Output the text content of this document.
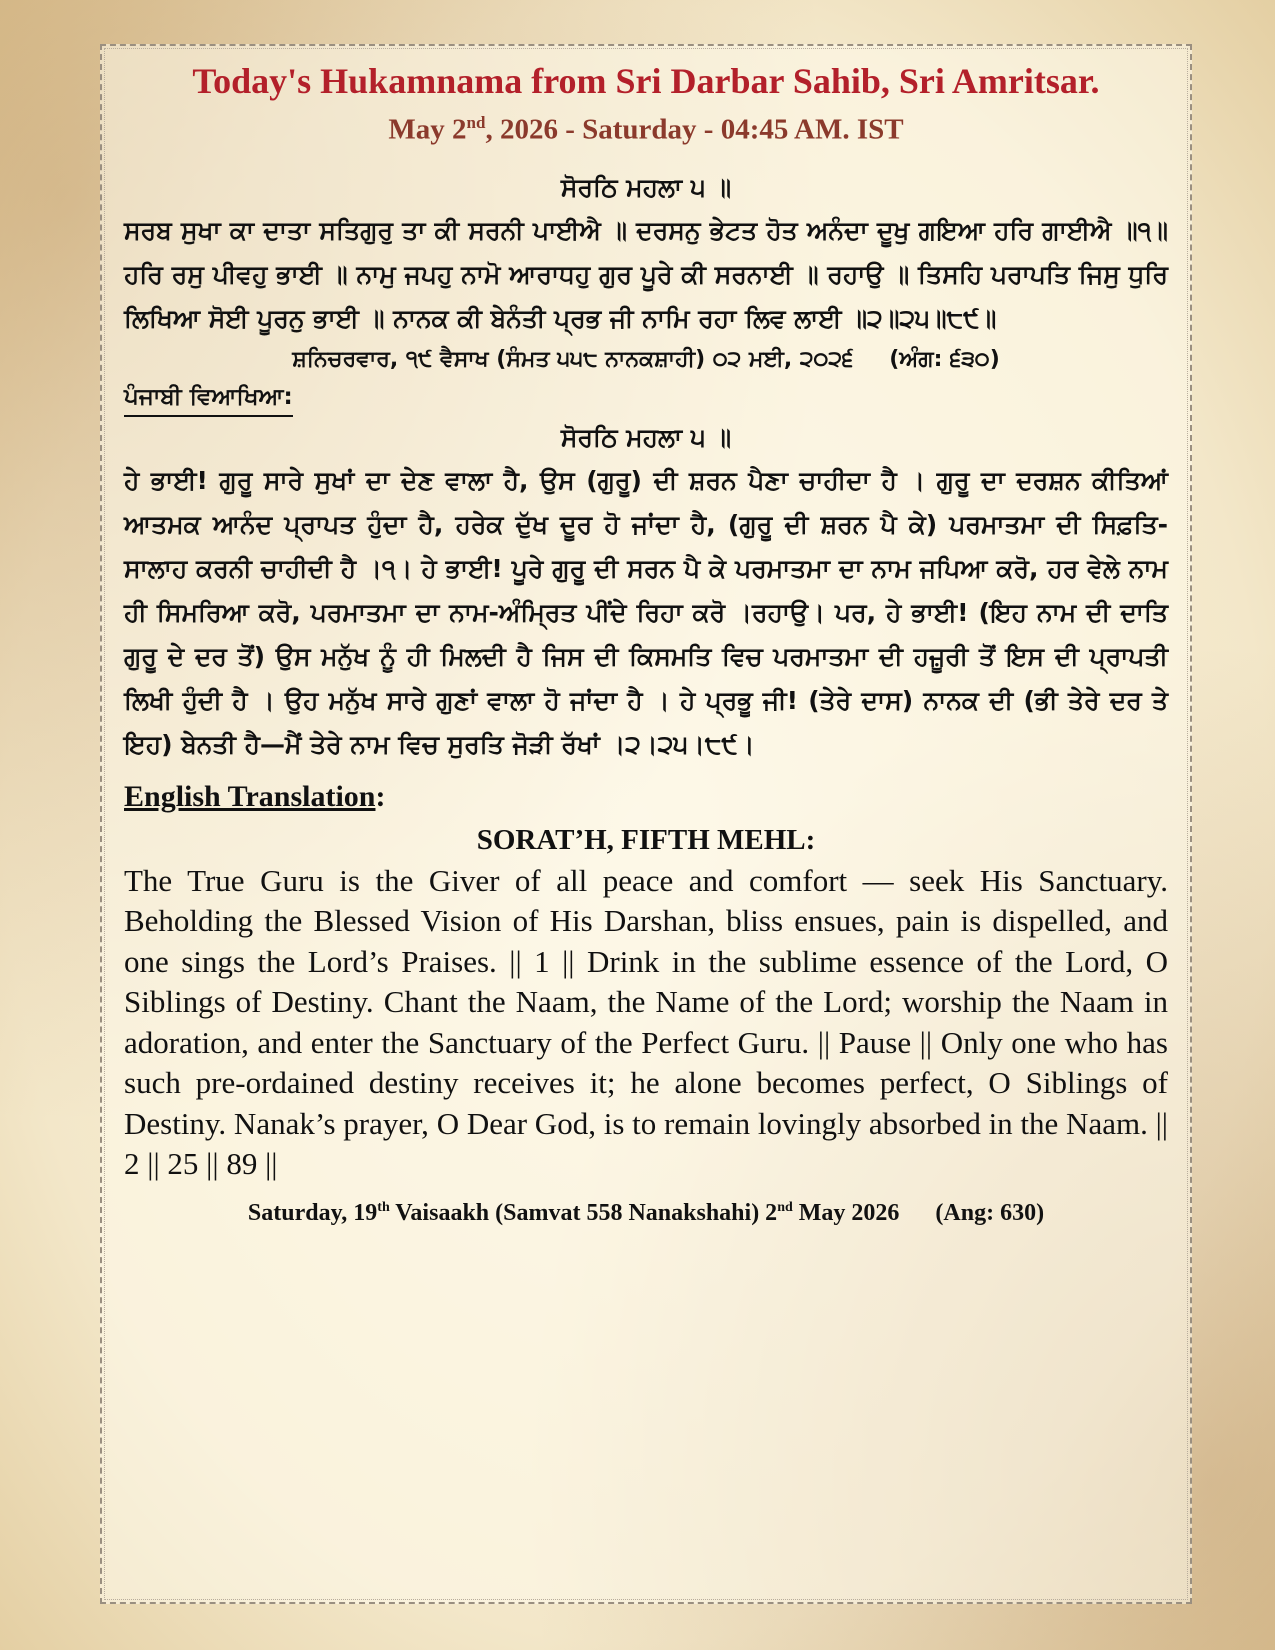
Today's Hukamnama from Sri Darbar Sahib, Sri Amritsar.

May 2nd, 2026 - Saturday - 04:45 AM. IST

ਸੋਰਠਿ ਮਹਲਾ ੫ ॥

ਸਰਬ ਸੁਖਾ ਕਾ ਦਾਤਾ ਸਤਿਗੁਰੁ ਤਾ ਕੀ ਸਰਨੀ ਪਾਈਐ ॥ ਦਰਸਨੁ ਭੇਟਤ ਹੋਤ ਅਨੰਦਾ ਦੂਖੁ ਗਇਆ ਹਰਿ ਗਾਈਐ ॥੧॥ ਹਰਿ ਰਸੁ ਪੀਵਹੁ ਭਾਈ ॥ ਨਾਮੁ ਜਪਹੁ ਨਾਮੋ ਆਰਾਧਹੁ ਗੁਰ ਪੂਰੇ ਕੀ ਸਰਨਾਈ ॥ ਰਹਾਉ ॥ ਤਿਸਹਿ ਪਰਾਪਤਿ ਜਿਸੁ ਧੁਰਿ ਲਿਖਿਆ ਸੋਈ ਪੂਰਨੁ ਭਾਈ ॥ ਨਾਨਕ ਕੀ ਬੇਨੰਤੀ ਪ੍ਰਭ ਜੀ ਨਾਮਿ ਰਹਾ ਲਿਵ ਲਾਈ ॥੨॥੨੫॥੮੯॥

ਸ਼ਨਿਚਰਵਾਰ, ੧੯ ਵੈਸਾਖ (ਸੰਮਤ ੫੫੮ ਨਾਨਕਸ਼ਾਹੀ) ੦੨ ਮਈ, ੨੦੨੬ (ਅੰਗ: ੬੩੦)

ਪੰਜਾਬੀ ਵਿਆਖਿਆ:

ਸੋਰਠਿ ਮਹਲਾ ੫ ॥

ਹੇ ਭਾਈ! ਗੁਰੂ ਸਾਰੇ ਸੁਖਾਂ ਦਾ ਦੇਣ ਵਾਲਾ ਹੈ, ਉਸ (ਗੁਰੂ) ਦੀ ਸ਼ਰਨ ਪੈਣਾ ਚਾਹੀਦਾ ਹੈ । ਗੁਰੂ ਦਾ ਦਰਸ਼ਨ ਕੀਤਿਆਂ ਆਤਮਕ ਆਨੰਦ ਪ੍ਰਾਪਤ ਹੁੰਦਾ ਹੈ, ਹਰੇਕ ਦੁੱਖ ਦੂਰ ਹੋ ਜਾਂਦਾ ਹੈ, (ਗੁਰੂ ਦੀ ਸ਼ਰਨ ਪੈ ਕੇ) ਪਰਮਾਤਮਾ ਦੀ ਸਿਫ਼ਤਿ-ਸਾਲਾਹ ਕਰਨੀ ਚਾਹੀਦੀ ਹੈ ।੧। ਹੇ ਭਾਈ! ਪੂਰੇ ਗੁਰੂ ਦੀ ਸਰਨ ਪੈ ਕੇ ਪਰਮਾਤਮਾ ਦਾ ਨਾਮ ਜਪਿਆ ਕਰੋ, ਹਰ ਵੇਲੇ ਨਾਮ ਹੀ ਸਿਮਰਿਆ ਕਰੋ, ਪਰਮਾਤਮਾ ਦਾ ਨਾਮ-ਅੰਮ੍ਰਿਤ ਪੀਂਦੇ ਰਿਹਾ ਕਰੋ ।ਰਹਾਉ। ਪਰ, ਹੇ ਭਾਈ! (ਇਹ ਨਾਮ ਦੀ ਦਾਤਿ ਗੁਰੂ ਦੇ ਦਰ ਤੋਂ) ਉਸ ਮਨੁੱਖ ਨੂੰ ਹੀ ਮਿਲਦੀ ਹੈ ਜਿਸ ਦੀ ਕਿਸਮਤਿ ਵਿਚ ਪਰਮਾਤਮਾ ਦੀ ਹਜ਼ੂਰੀ ਤੋਂ ਇਸ ਦੀ ਪ੍ਰਾਪਤੀ ਲਿਖੀ ਹੁੰਦੀ ਹੈ । ਉਹ ਮਨੁੱਖ ਸਾਰੇ ਗੁਣਾਂ ਵਾਲਾ ਹੋ ਜਾਂਦਾ ਹੈ । ਹੇ ਪ੍ਰਭੂ ਜੀ! (ਤੇਰੇ ਦਾਸ) ਨਾਨਕ ਦੀ (ਭੀ ਤੇਰੇ ਦਰ ਤੇ ਇਹ) ਬੇਨਤੀ ਹੈ—ਮੈਂ ਤੇਰੇ ਨਾਮ ਵਿਚ ਸੁਰਤਿ ਜੋੜੀ ਰੱਖਾਂ ।੨।੨੫।੮੯।

English Translation:

SORAT’H, FIFTH MEHL:

The True Guru is the Giver of all peace and comfort — seek His Sanctuary. Beholding the Blessed Vision of His Darshan, bliss ensues, pain is dispelled, and one sings the Lord’s Praises. || 1 || Drink in the sublime essence of the Lord, O Siblings of Destiny. Chant the Naam, the Name of the Lord; worship the Naam in adoration, and enter the Sanctuary of the Perfect Guru. || Pause || Only one who has such pre-ordained destiny receives it; he alone becomes perfect, O Siblings of Destiny. Nanak’s prayer, O Dear God, is to remain lovingly absorbed in the Naam. || 2 || 25 || 89 ||

Saturday, 19th Vaisaakh (Samvat 558 Nanakshahi) 2nd May 2026 (Ang: 630)
